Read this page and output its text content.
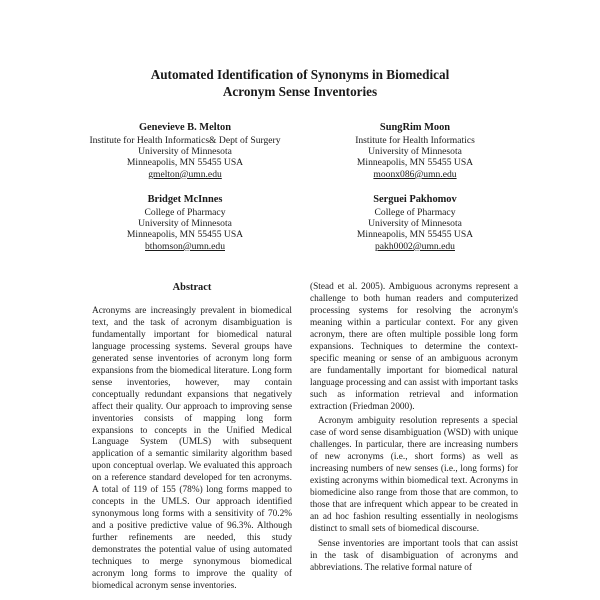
Automated Identification of Synonyms in Biomedical
Acronym Sense Inventories
Genevieve B. Melton
Institute for Health Informatics& Dept of Surgery
University of Minnesota
Minneapolis, MN 55455 USA
gmelton@umn.edu
SungRim Moon
Institute for Health Informatics
University of Minnesota
Minneapolis, MN 55455 USA
moonx086@umn.edu
Bridget McInnes
College of Pharmacy
University of Minnesota
Minneapolis, MN 55455 USA
bthomson@umn.edu
Serguei Pakhomov
College of Pharmacy
University of Minnesota
Minneapolis, MN 55455 USA
pakh0002@umn.edu
Abstract

Acronyms are increasingly prevalent in biomedical text, and the task of acronym disambiguation is fundamentally important for biomedical natural language processing systems. Several groups have generated sense inventories of acronym long form expansions from the biomedical literature. Long form sense inventories, however, may contain conceptually redundant expansions that negatively affect their quality. Our approach to improving sense inventories consists of mapping long form expansions to concepts in the Unified Medical Language System (UMLS) with subsequent application of a semantic similarity algorithm based upon conceptual overlap. We evaluated this approach on a reference standard developed for ten acronyms. A total of 119 of 155 (78%) long forms mapped to concepts in the UMLS. Our approach identified synonymous long forms with a sensitivity of 70.2% and a positive predictive value of 96.3%. Although further refinements are needed, this study demonstrates the potential value of using automated techniques to merge synonymous biomedical acronym long forms to improve the quality of biomedical acronym sense inventories.

(Stead et al. 2005). Ambiguous acronyms represent a challenge to both human readers and computerized processing systems for resolving the acronym's meaning within a particular context. For any given acronym, there are often multiple possible long form expansions. Techniques to determine the context-specific meaning or sense of an ambiguous acronym are fundamentally important for biomedical natural language processing and can assist with important tasks such as information retrieval and information extraction (Friedman 2000).

Acronym ambiguity resolution represents a special case of word sense disambiguation (WSD) with unique challenges. In particular, there are increasing numbers of new acronyms (i.e., short forms) as well as increasing numbers of new senses (i.e., long forms) for existing acronyms within biomedical text. Acronyms in biomedicine also range from those that are common, to those that are infrequent which appear to be created in an ad hoc fashion resulting essentially in neologisms distinct to small sets of biomedical discourse.

Sense inventories are important tools that can assist in the task of disambiguation of acronyms and abbreviations. The relative formal nature of
